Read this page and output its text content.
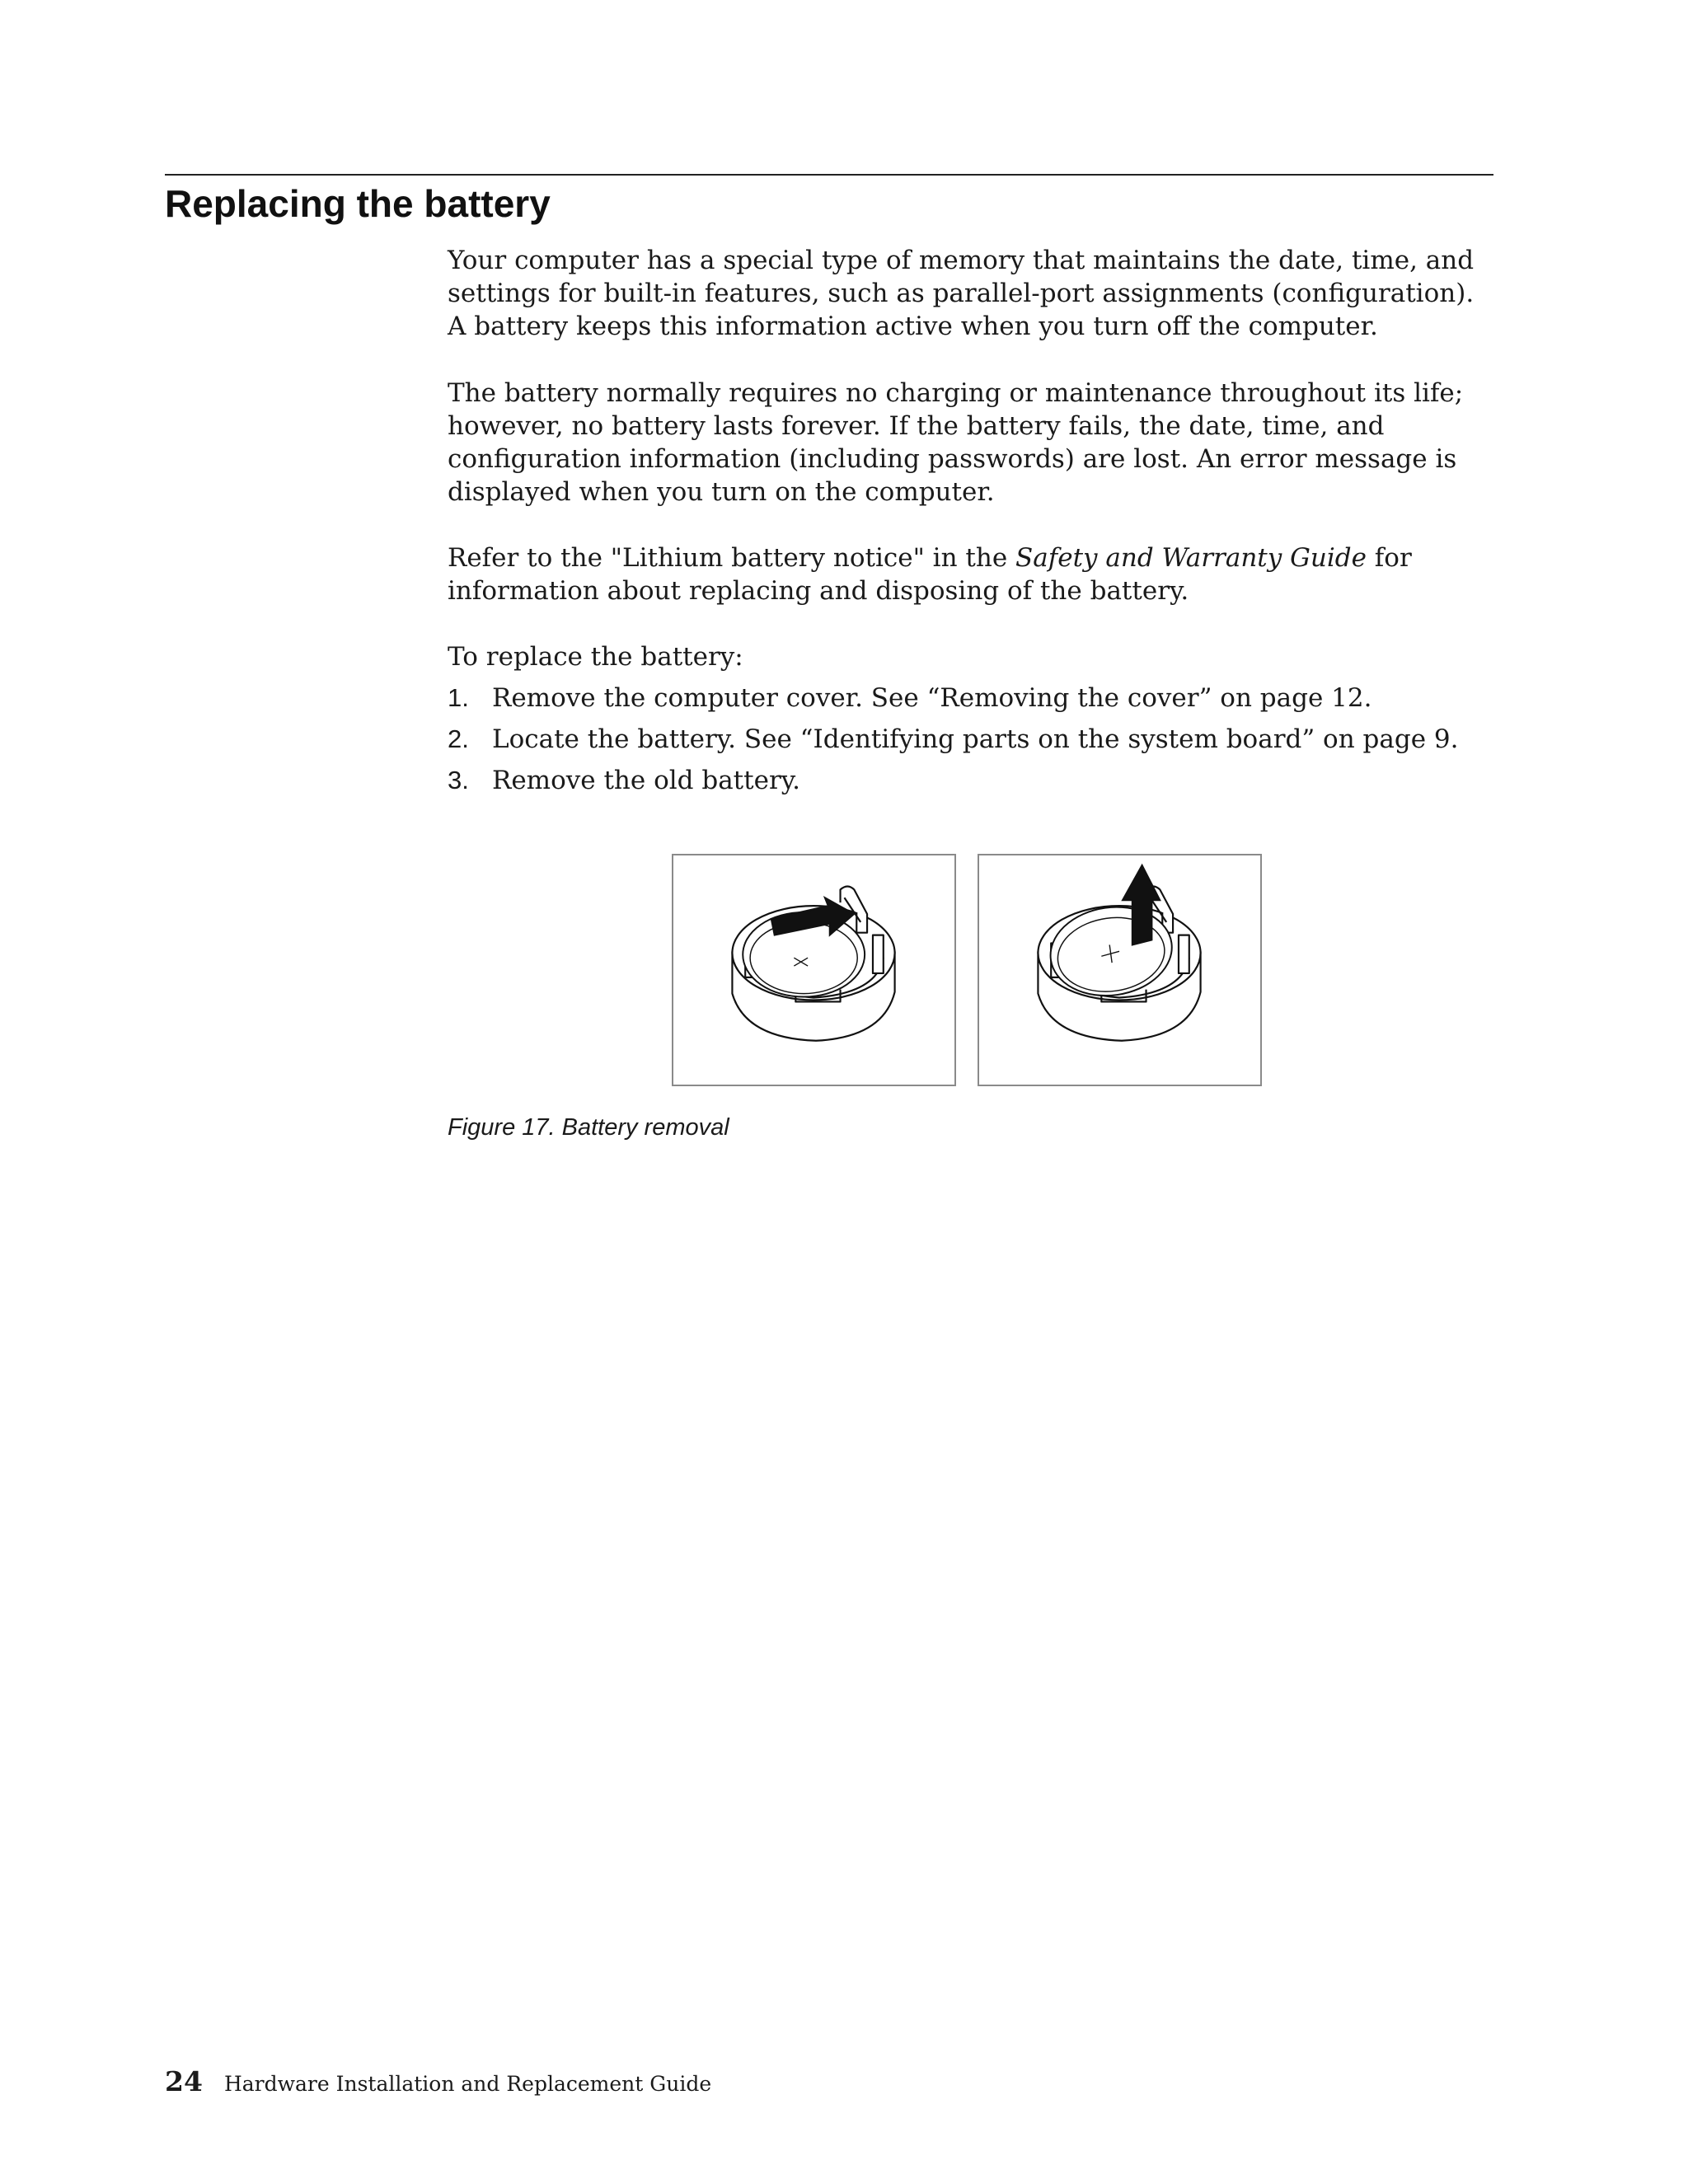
Replacing the battery

Your computer has a special type of memory that maintains the date, time, and settings for built-in features, such as parallel-port assignments (configuration). A battery keeps this information active when you turn off the computer.

The battery normally requires no charging or maintenance throughout its life; however, no battery lasts forever. If the battery fails, the date, time, and configuration information (including passwords) are lost. An error message is displayed when you turn on the computer.

Refer to the "Lithium battery notice" in the Safety and Warranty Guide for information about replacing and disposing of the battery.

To replace the battery:

1. Remove the computer cover. See “Removing the cover” on page 12.
2. Locate the battery. See “Identifying parts on the system board” on page 9.
3. Remove the old battery.
Figure 17. Battery removal
24 Hardware Installation and Replacement Guide
